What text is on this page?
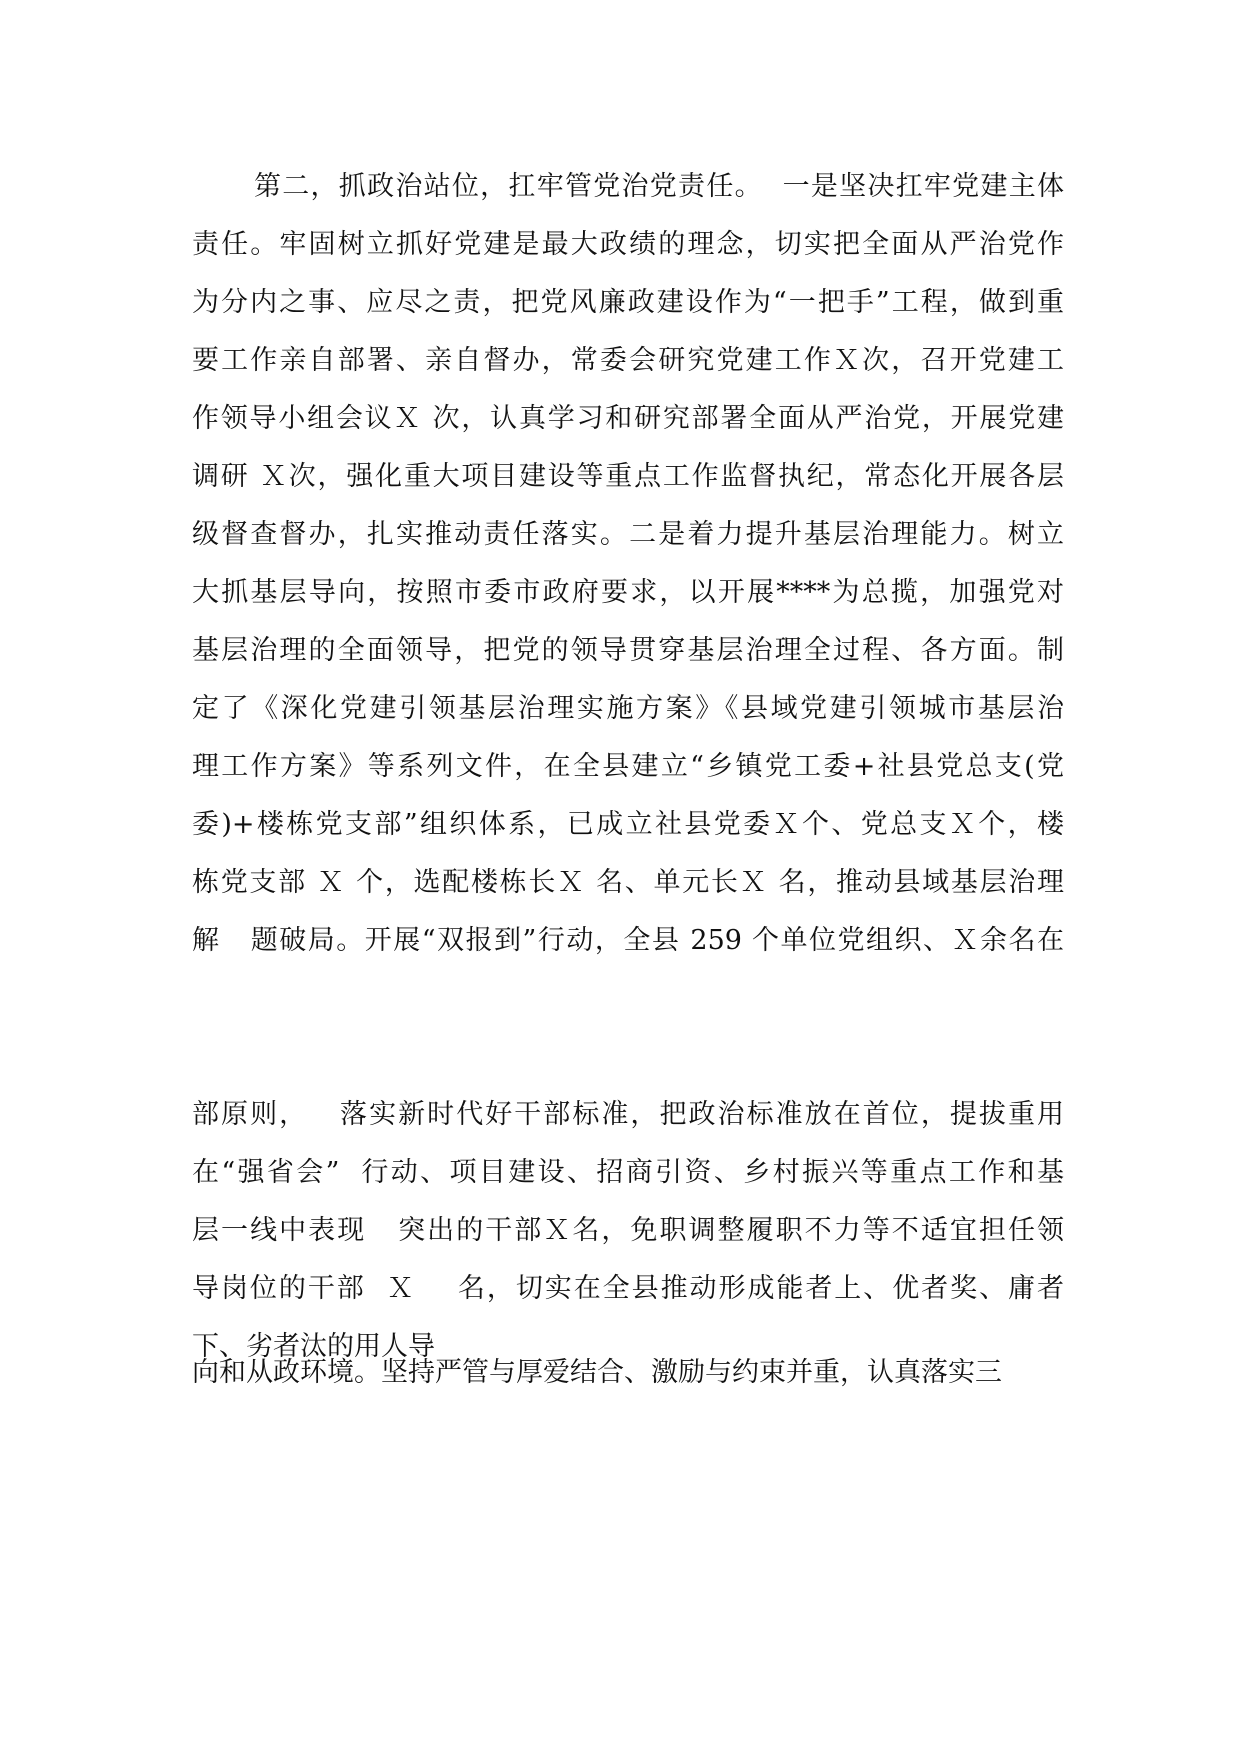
第二，抓政治站位，扛牢管党治党责任。  一是坚决扛牢党建主体
责任。牢固树立抓好党建是最大政绩的理念，切实把全面从严治党作
为分内之事、应尽之责，把党风廉政建设作为“一把手”工程，做到重
要工作亲自部署、亲自督办，常委会研究党建工作Ｘ次，召开党建工
作领导小组会议Ｘ 次，认真学习和研究部署全面从严治党，开展党建
调研 Ｘ次，强化重大项目建设等重点工作监督执纪，常态化开展各层
级督查督办，扎实推动责任落实。二是着力提升基层治理能力。树立
大抓基层导向，按照市委市政府要求，以开展****为总揽，加强党对
基层治理的全面领导，把党的领导贯穿基层治理全过程、各方面。制
定了《深化党建引领基层治理实施方案》《县域党建引领城市基层治
理工作方案》等系列文件，在全县建立“乡镇党工委+社县党总支(党
委)+楼栋党支部”组织体系，已成立社县党委Ｘ个、党总支Ｘ个，楼
栋党支部 Ｘ 个，选配楼栋长Ｘ 名、单元长Ｘ 名，推动县域基层治理
解   题破局。开展“双报到”行动，全县 259 个单位党组织、Ｘ余名在

部原则，   落实新时代好干部标准，把政治标准放在首位，提拔重用
在“强省会”  行动、项目建设、招商引资、乡村振兴等重点工作和基
层一线中表现   突出的干部Ｘ名，免职调整履职不力等不适宜担任领
导岗位的干部  Ｘ    名，切实在全县推动形成能者上、优者奖、庸者
下、劣者汰的用人导
向和从政环境。坚持严管与厚爱结合、激励与约束并重，认真落实三
